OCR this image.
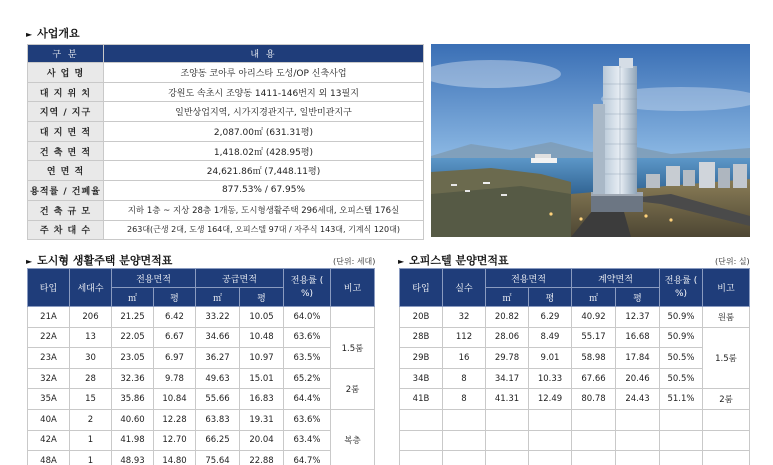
► 사업개요
구 분	내 용
사 업 명	조양동 코아루 아리스타 도성/OP 신축사업
대 지 위 치	강원도 속초시 조양동 1411-146번지 외 13필지
지역 / 지구	일반상업지역, 시가지경관지구, 일반미관지구
대 지 면 적	2,087.00㎡ (631.31평)
건 축 면 적	1,418.02㎡ (428.95평)
연 면 적	24,621.86㎡ (7,448.11평)
용적률 / 건폐율	877.53% / 67.95%
건 축 규 모	지하 1층 ~ 지상 28층 1개동, 도시형생활주택 296세대, 오피스텔 176실
주 차 대 수	263대(근생 2대, 도생 164대, 오피스텔 97대 / 자주식 143대, 기계식 120대)
► 도시형 생활주택 분양면적표	(단위: 세대)
타입	세대수	전용면적		공급면적		전용률 ( %)	비고
		㎡	평	㎡	평		
21A	206	21.25	6.42	33.22	10.05	64.0%	
22A	13	22.05	6.67	34.66	10.48	63.6%	1.5룸
23A	30	23.05	6.97	36.27	10.97	63.5%	
32A	28	32.36	9.78	49.63	15.01	65.2%	2룸
35A	15	35.86	10.84	55.66	16.83	64.4%	
40A	2	40.60	12.28	63.83	19.31	63.6%	복층
42A	1	41.98	12.70	66.25	20.04	63.4%	
48A	1	48.93	14.80	75.64	22.88	64.7%	
► 오피스텔 분양면적표	(단위: 실)
타입	실수	전용면적		계약면적		전용률 ( %)	비고
		㎡	평	㎡	평		
20B	32	20.82	6.29	40.92	12.37	50.9%	원룸
28B	112	28.06	8.49	55.17	16.68	50.9%	1.5룸
29B	16	29.78	9.01	58.98	17.84	50.5%	
34B	8	34.17	10.33	67.66	20.46	50.5%	
41B	8	41.31	12.49	80.78	24.43	51.1%	2룸
